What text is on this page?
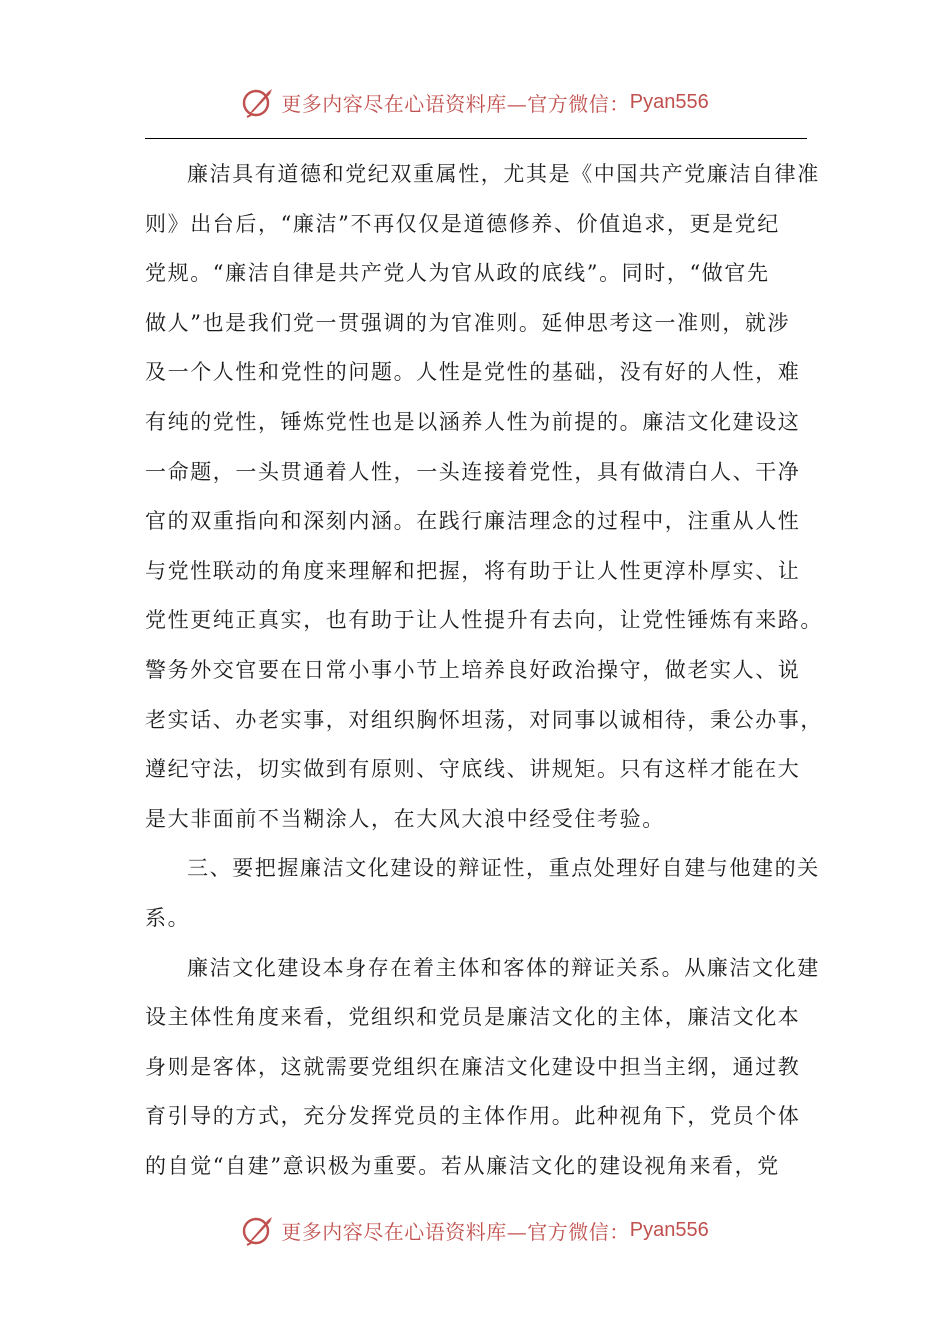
更多内容尽在心语资料库—官方微信： Pyan556

廉洁具有道德和党纪双重属性，尤其是《中国共产党廉洁自律准
则》出台后，“廉洁”不再仅仅是道德修养、价值追求，更是党纪
党规。“廉洁自律是共产党人为官从政的底线”。同时，“做官先
做人”也是我们党一贯强调的为官准则。延伸思考这一准则，就涉
及一个人性和党性的问题。人性是党性的基础，没有好的人性，难
有纯的党性，锤炼党性也是以涵养人性为前提的。廉洁文化建设这
一命题，一头贯通着人性，一头连接着党性，具有做清白人、干净
官的双重指向和深刻内涵。在践行廉洁理念的过程中，注重从人性
与党性联动的角度来理解和把握，将有助于让人性更淳朴厚实、让
党性更纯正真实，也有助于让人性提升有去向，让党性锤炼有来路。
警务外交官要在日常小事小节上培养良好政治操守，做老实人、说
老实话、办老实事，对组织胸怀坦荡，对同事以诚相待，秉公办事，
遵纪守法，切实做到有原则、守底线、讲规矩。只有这样才能在大
是大非面前不当糊涂人，在大风大浪中经受住考验。

三、要把握廉洁文化建设的辩证性，重点处理好自建与他建的关
系。

廉洁文化建设本身存在着主体和客体的辩证关系。从廉洁文化建
设主体性角度来看，党组织和党员是廉洁文化的主体，廉洁文化本
身则是客体，这就需要党组织在廉洁文化建设中担当主纲，通过教
育引导的方式，充分发挥党员的主体作用。此种视角下，党员个体
的自觉“自建”意识极为重要。若从廉洁文化的建设视角来看，党

更多内容尽在心语资料库—官方微信： Pyan556
